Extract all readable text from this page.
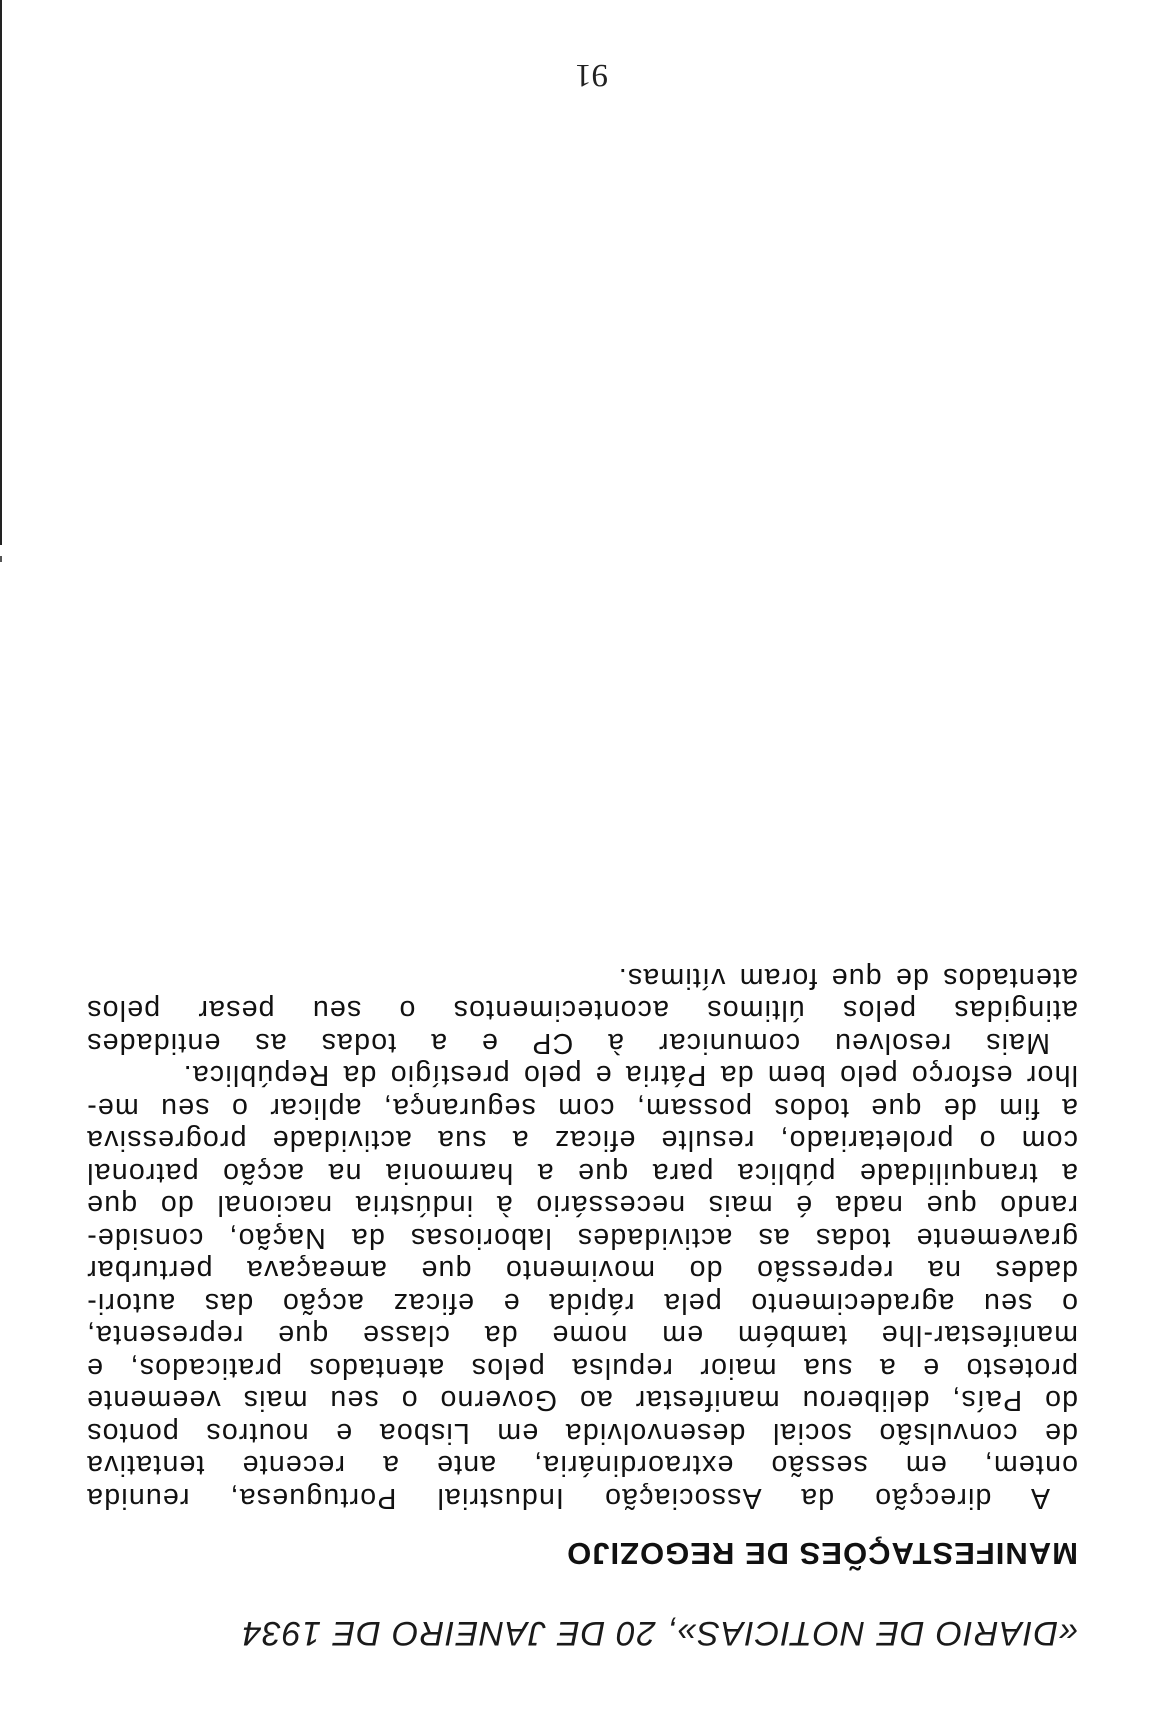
«DIARIO DE NOTICIAS», 20 DE JANEIRO DE 1934
MANIFESTAÇÕES DE REGOZIJO

A direcção da Associação Industrial Portuguesa, reunida
ontem, em sessão extraordinária, ante a recente tentativa
de convulsão social desenvolvida em Lisboa e noutros pontos
do País, deliberou manifestar ao Governo o seu mais veemente
protesto e a sua maior repulsa pelos atentados praticados, e
manifestar-lhe também em nome da classe que representa,
o seu agradecimento pela rápida e eficaz acção das autori-
dades na repressão do movimento que ameaçava perturbar
gravemente todas as actividades laboriosas da Nação, conside-
rando que nada é mais necessário à indústria nacional do que
a tranquilidade pública para que a harmonia na acção patronal
com o proletariado, resulte eficaz a sua actividade progressiva
a fim de que todos possam, com segurança, aplicar o seu me-
lhor esforço pelo bem da Pátria e pelo prestígio da República.

Mais resolveu comunicar à CP e a todas as entidades
atingidas pelos últimos acontecimentos o seu pesar pelos
atentados de que foram vítimas.

91
